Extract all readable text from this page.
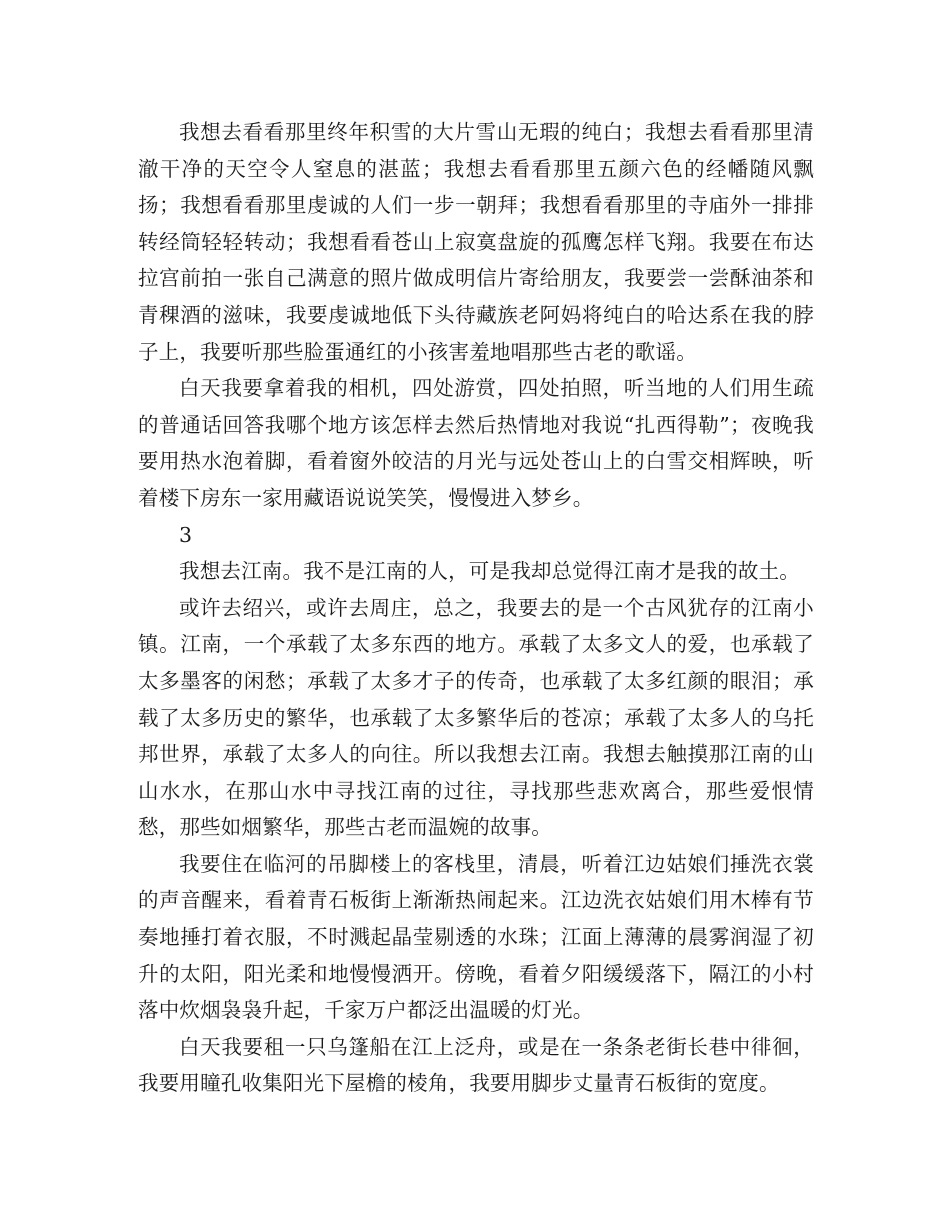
我想去看看那里终年积雪的大片雪山无瑕的纯白；我想去看看那里清澈干净的天空令人窒息的湛蓝；我想去看看那里五颜六色的经幡随风飘扬；我想看看那里虔诚的人们一步一朝拜；我想看看那里的寺庙外一排排转经筒轻轻转动；我想看看苍山上寂寞盘旋的孤鹰怎样飞翔。我要在布达拉宫前拍一张自己满意的照片做成明信片寄给朋友，我要尝一尝酥油茶和青稞酒的滋味，我要虔诚地低下头待藏族老阿妈将纯白的哈达系在我的脖子上，我要听那些脸蛋通红的小孩害羞地唱那些古老的歌谣。

白天我要拿着我的相机，四处游赏，四处拍照，听当地的人们用生疏的普通话回答我哪个地方该怎样去然后热情地对我说“扎西得勒”；夜晚我要用热水泡着脚，看着窗外皎洁的月光与远处苍山上的白雪交相辉映，听着楼下房东一家用藏语说说笑笑，慢慢进入梦乡。

3

我想去江南。我不是江南的人，可是我却总觉得江南才是我的故土。

或许去绍兴，或许去周庄，总之，我要去的是一个古风犹存的江南小镇。江南，一个承载了太多东西的地方。承载了太多文人的爱，也承载了太多墨客的闲愁；承载了太多才子的传奇，也承载了太多红颜的眼泪；承载了太多历史的繁华，也承载了太多繁华后的苍凉；承载了太多人的乌托邦世界，承载了太多人的向往。所以我想去江南。我想去触摸那江南的山山水水，在那山水中寻找江南的过往，寻找那些悲欢离合，那些爱恨情愁，那些如烟繁华，那些古老而温婉的故事。

我要住在临河的吊脚楼上的客栈里，清晨，听着江边姑娘们捶洗衣裳的声音醒来，看着青石板街上渐渐热闹起来。江边洗衣姑娘们用木棒有节奏地捶打着衣服，不时溅起晶莹剔透的水珠；江面上薄薄的晨雾润湿了初升的太阳，阳光柔和地慢慢洒开。傍晚，看着夕阳缓缓落下，隔江的小村落中炊烟袅袅升起，千家万户都泛出温暖的灯光。

白天我要租一只乌篷船在江上泛舟，或是在一条条老街长巷中徘徊，我要用瞳孔收集阳光下屋檐的棱角，我要用脚步丈量青石板街的宽度。
